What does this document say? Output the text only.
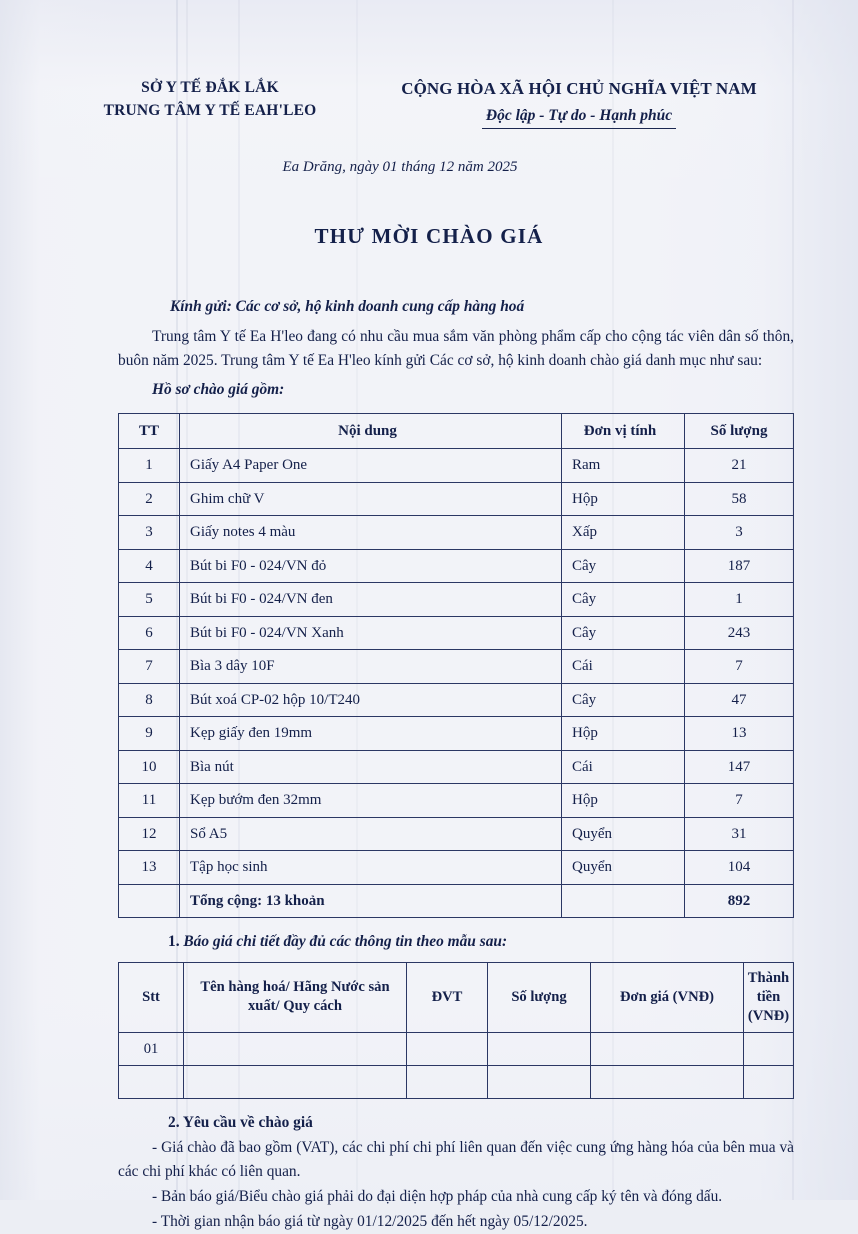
SỞ Y TẾ ĐẮK LẮK
TRUNG TÂM Y TẾ EAH'LEO
CỘNG HÒA XÃ HỘI CHỦ NGHĨA VIỆT NAM
Độc lập - Tự do - Hạnh phúc
Ea Drăng, ngày 01 tháng 12 năm 2025
THƯ MỜI CHÀO GIÁ
Kính gửi: Các cơ sở, hộ kinh doanh cung cấp hàng hoá
Trung tâm Y tế Ea H'leo đang có nhu cầu mua sắm văn phòng phẩm cấp cho cộng tác viên dân số thôn, buôn năm 2025. Trung tâm Y tế Ea H'leo kính gửi Các cơ sở, hộ kinh doanh chào giá danh mục như sau:
Hồ sơ chào giá gồm:
TT	Nội dung	Đơn vị tính	Số lượng
1	Giấy A4 Paper One	Ram	21
2	Ghim chữ V	Hộp	58
3	Giấy notes 4 màu	Xấp	3
4	Bút bi F0 - 024/VN đỏ	Cây	187
5	Bút bi F0 - 024/VN đen	Cây	1
6	Bút bi F0 - 024/VN Xanh	Cây	243
7	Bìa 3 dây 10F	Cái	7
8	Bút xoá CP-02 hộp 10/T240	Cây	47
9	Kẹp giấy đen 19mm	Hộp	13
10	Bìa nút	Cái	147
11	Kẹp bướm đen 32mm	Hộp	7
12	Sổ A5	Quyển	31
13	Tập học sinh	Quyển	104
	Tổng cộng: 13 khoản		892
1. Báo giá chi tiết đầy đủ các thông tin theo mẫu sau:
Stt	Tên hàng hoá/ Hãng Nước sản xuất/ Quy cách	ĐVT	Số lượng	Đơn giá (VNĐ)	Thành tiền (VNĐ)
01					

2. Yêu cầu về chào giá
- Giá chào đã bao gồm (VAT), các chi phí chi phí liên quan đến việc cung ứng hàng hóa của bên mua và các chi phí khác có liên quan.
- Bản báo giá/Biểu chào giá phải do đại diện hợp pháp của nhà cung cấp ký tên và đóng dấu.
- Thời gian nhận báo giá từ ngày 01/12/2025 đến hết ngày 05/12/2025.
